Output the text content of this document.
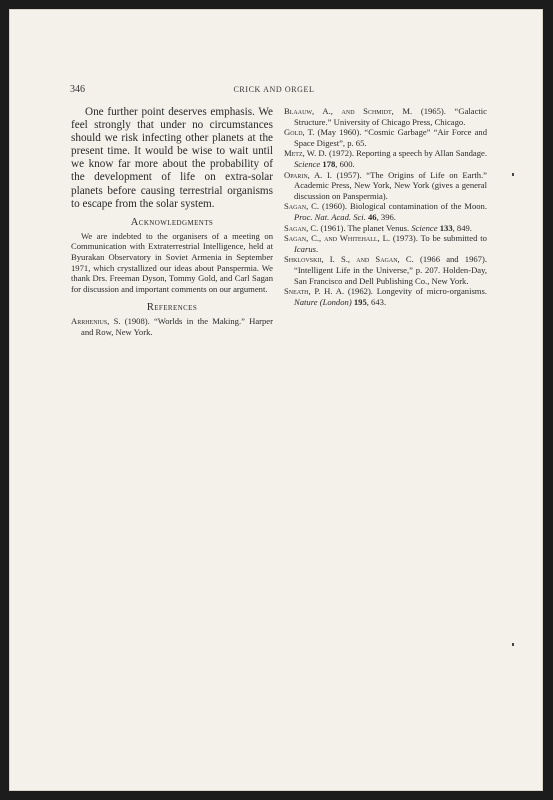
346	CRICK AND ORGEL

One further point deserves emphasis. We feel strongly that under no circumstances should we risk infecting other planets at the present time. It would be wise to wait until we know far more about the probability of the development of life on extra-solar planets before causing terrestrial organisms to escape from the solar system.

Acknowledgments

We are indebted to the organisers of a meeting on Communication with Extraterrestrial Intelligence, held at Byurakan Observatory in Soviet Armenia in September 1971, which crystallized our ideas about Panspermia. We thank Drs. Freeman Dyson, Tommy Gold, and Carl Sagan for discussion and important comments on our argument.

References

Arrhenius, S. (1908). “Worlds in the Making.” Harper and Row, New York.

Blaauw, A., and Schmidt, M. (1965). “Galactic Structure.” University of Chicago Press, Chicago.

Gold, T. (May 1960). “Cosmic Garbage” “Air Force and Space Digest”, p. 65.

Metz, W. D. (1972). Reporting a speech by Allan Sandage. Science 178, 600.

Oparin, A. I. (1957). “The Origins of Life on Earth.” Academic Press, New York, New York (gives a general discussion on Panspermia).

Sagan, C. (1960). Biological contamination of the Moon. Proc. Nat. Acad. Sci. 46, 396.

Sagan, C. (1961). The planet Venus. Science 133, 849.

Sagan, C., and Whitehall, L. (1973). To be submitted to Icarus.

Shklovskii, I. S., and Sagan, C. (1966 and 1967). “Intelligent Life in the Universe,” p. 207. Holden-Day, San Francisco and Dell Publishing Co., New York.

Sneath, P. H. A. (1962). Longevity of micro-organisms. Nature (London) 195, 643.
